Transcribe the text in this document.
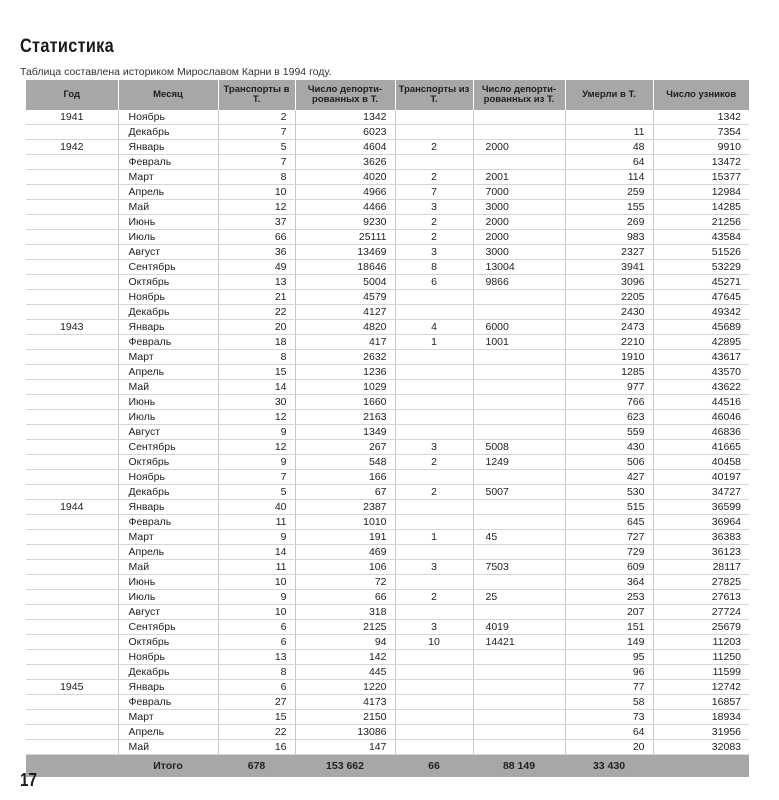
Статистика
Таблица составлена историком Мирославом Карни в 1994 году.
Год	Месяц	Транспорты в Т.	Число депорти-рованных в Т.	Транспорты из Т.	Число депорти-рованных из Т.	Умерли в Т.	Число узников
1941	Ноябрь	2	1342				1342
	Декабрь	7	6023			11	7354
1942	Январь	5	4604	2	2000	48	9910
	Февраль	7	3626			64	13472
	Март	8	4020	2	2001	114	15377
	Апрель	10	4966	7	7000	259	12984
	Май	12	4466	3	3000	155	14285
	Июнь	37	9230	2	2000	269	21256
	Июль	66	25111	2	2000	983	43584
	Август	36	13469	3	3000	2327	51526
	Сентябрь	49	18646	8	13004	3941	53229
	Октябрь	13	5004	6	9866	3096	45271
	Ноябрь	21	4579			2205	47645
	Декабрь	22	4127			2430	49342
1943	Январь	20	4820	4	6000	2473	45689
	Февраль	18	417	1	1001	2210	42895
	Март	8	2632			1910	43617
	Апрель	15	1236			1285	43570
	Май	14	1029			977	43622
	Июнь	30	1660			766	44516
	Июль	12	2163			623	46046
	Август	9	1349			559	46836
	Сентябрь	12	267	3	5008	430	41665
	Октябрь	9	548	2	1249	506	40458
	Ноябрь	7	166			427	40197
	Декабрь	5	67	2	5007	530	34727
1944	Январь	40	2387			515	36599
	Февраль	11	1010			645	36964
	Март	9	191	1	45	727	36383
	Апрель	14	469			729	36123
	Май	11	106	3	7503	609	28117
	Июнь	10	72			364	27825
	Июль	9	66	2	25	253	27613
	Август	10	318			207	27724
	Сентябрь	6	2125	3	4019	151	25679
	Октябрь	6	94	10	14421	149	11203
	Ноябрь	13	142			95	11250
	Декабрь	8	445			96	11599
1945	Январь	6	1220			77	12742
	Февраль	27	4173			58	16857
	Март	15	2150			73	18934
	Апрель	22	13086			64	31956
	Май	16	147			20	32083
	Итого	678	153 662	66	88 149	33 430	
17
